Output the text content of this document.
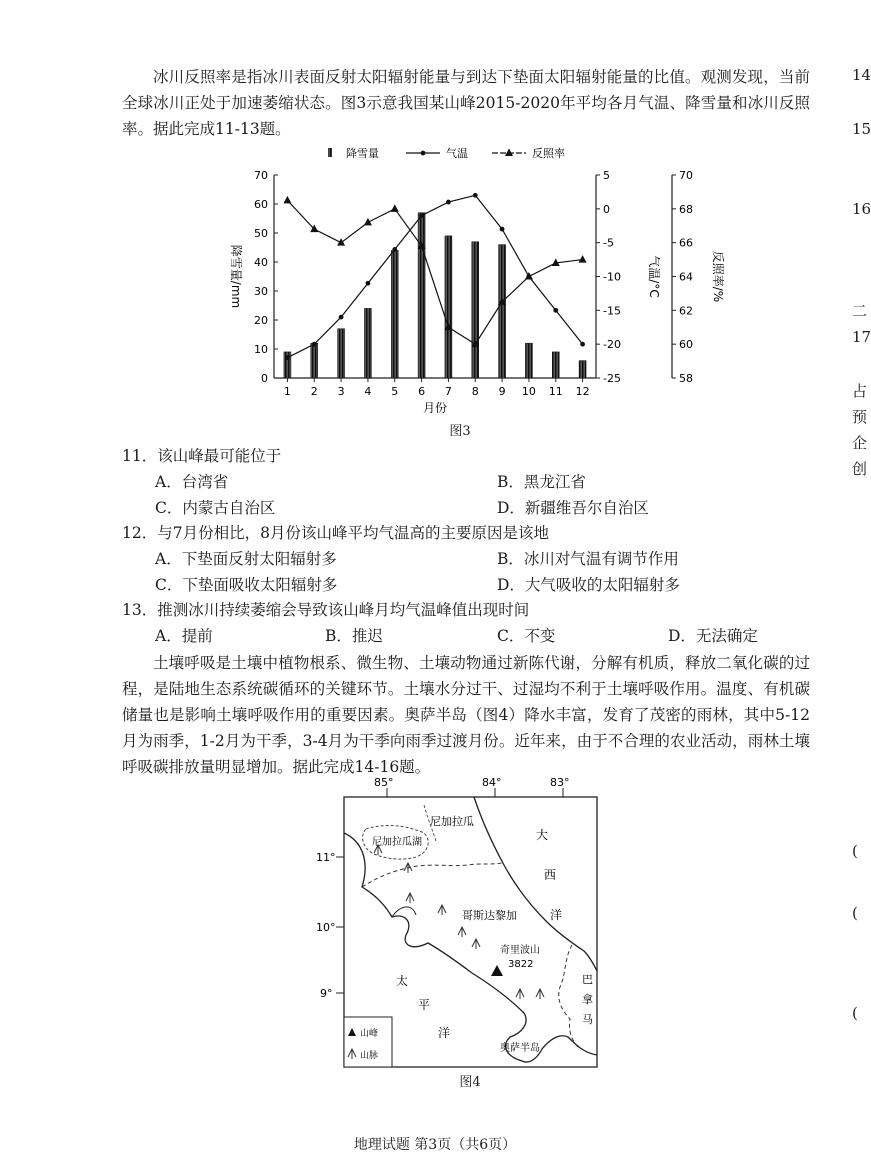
冰川反照率是指冰川表面反射太阳辐射能量与到达下垫面太阳辐射能量的比值。观测发现，当前全球冰川正处于加速萎缩状态。图3示意我国某山峰2015-2020年平均各月气温、降雪量和冰川反照率。据此完成11-13题。

降雪量	气温	反照率
0
10
20
30
40
50
60
70	5
0
-5
-10
-15
-20
-25
70
68
66
64
62
60
58
1 2 3 4 5 6 7 8 9 10 11 12
降雪量/mm	气温/°C	反照率/%
月份
图3

11．该山峰最可能位于

A．台湾省	B．黑龙江省
C．内蒙古自治区	D．新疆维吾尔自治区

12．与7月份相比，8月份该山峰平均气温高的主要原因是该地

A．下垫面反射太阳辐射多	B．冰川对气温有调节作用
C．下垫面吸收太阳辐射多	D．大气吸收的太阳辐射多

13．推测冰川持续萎缩会导致该山峰月均气温峰值出现时间

A．提前	B．推迟	C．不变	D．无法确定

土壤呼吸是土壤中植物根系、微生物、土壤动物通过新陈代谢，分解有机质，释放二氧化碳的过程，是陆地生态系统碳循环的关键环节。土壤水分过干、过湿均不利于土壤呼吸作用。温度、有机碳储量也是影响土壤呼吸作用的重要因素。奥萨半岛（图4）降水丰富，发育了茂密的雨林，其中5-12月为雨季，1-2月为干季，3-4月为干季向雨季过渡月份。近年来，由于不合理的农业活动，雨林土壤呼吸碳排放量明显增加。据此完成14-16题。

85°	84°	83°
11°
10°
9°
尼加拉瓜
尼加拉瓜湖
哥斯达黎加
奇里波山
3822
奥萨半岛
大
西
洋
太
平
洋
巴
拿
马
山峰
山脉
图4
14
15
16
二
17
占
预
企
创
(
(
(
地理试题 第3页（共6页）
